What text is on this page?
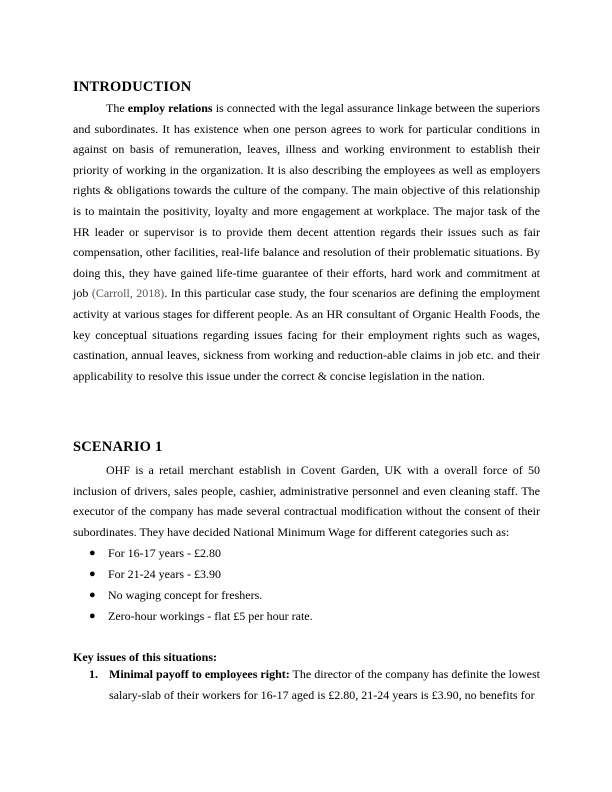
INTRODUCTION

The employ relations is connected with the legal assurance linkage between the superiors and subordinates. It has existence when one person agrees to work for particular conditions in against on basis of remuneration, leaves, illness and working environment to establish their priority of working in the organization. It is also describing the employees as well as employers rights & obligations towards the culture of the company. The main objective of this relationship is to maintain the positivity, loyalty and more engagement at workplace. The major task of the HR leader or supervisor is to provide them decent attention regards their issues such as fair compensation, other facilities, real-life balance and resolution of their problematic situations. By doing this, they have gained life-time guarantee of their efforts, hard work and commitment at job (Carroll, 2018). In this particular case study, the four scenarios are defining the employment activity at various stages for different people. As an HR consultant of Organic Health Foods, the key conceptual situations regarding issues facing for their employment rights such as wages, castination, annual leaves, sickness from working and reduction-able claims in job etc. and their applicability to resolve this issue under the correct & concise legislation in the nation.

SCENARIO 1

OHF is a retail merchant establish in Covent Garden, UK with a overall force of 50 inclusion of drivers, sales people, cashier, administrative personnel and even cleaning staff. The executor of the company has made several contractual modification without the consent of their subordinates. They have decided National Minimum Wage for different categories such as:

● For 16-17 years - £2.80
● For 21-24 years - £3.90
● No waging concept for freshers.
● Zero-hour workings - flat £5 per hour rate.

Key issues of this situations:

1. Minimal payoff to employees right: The director of the company has definite the lowest salary-slab of their workers for 16-17 aged is £2.80, 21-24 years is £3.90, no benefits for
